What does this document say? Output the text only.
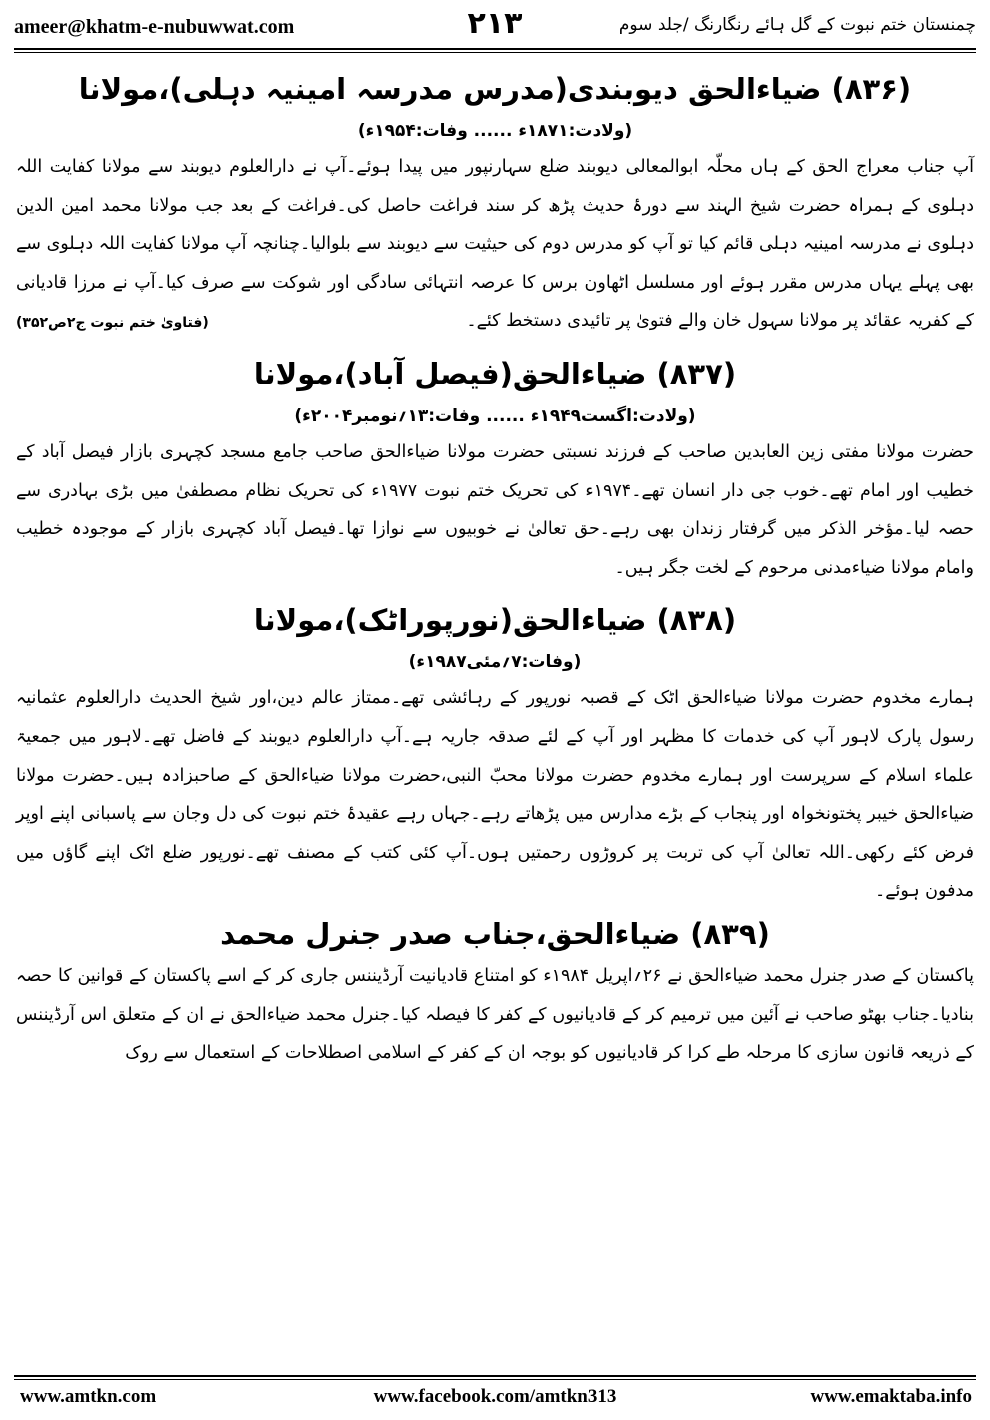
ameer@khatm-e-nubuwwat.com	۲۱۳	چمنستان ختم نبوت کے گل ہائے رنگارنگ /جلد سوم
(۸۳۶) ضیاءالحق دیوبندی(مدرس مدرسہ امینیہ دہلی)،مولانا
(ولادت:۱۸۷۱ء ...... وفات:۱۹۵۴ء)

آپ جناب معراج الحق کے ہاں محلّہ ابوالمعالی دیوبند ضلع سہارنپور میں پیدا ہوئے۔آپ نے دارالعلوم دیوبند سے مولانا کفایت اللہ دہلوی کے ہمراہ حضرت شیخ الہند سے دورۂ حدیث پڑھ کر سند فراغت حاصل کی۔فراغت کے بعد جب مولانا محمد امین الدین دہلوی نے مدرسہ امینیہ دہلی قائم کیا تو آپ کو مدرس دوم کی حیثیت سے دیوبند سے بلوالیا۔چنانچہ آپ مولانا کفایت اللہ دہلوی سے بھی پہلے یہاں مدرس مقرر ہوئے اور مسلسل اٹھاون برس کا عرصہ انتہائی سادگی اور شوکت سے صرف کیا۔آپ نے مرزا قادیانی کے کفریہ عقائد پر مولانا سہول خان والے فتویٰ پر تائیدی دستخط کئے۔
(فتاویٰ ختم نبوت ج۲ص۳۵۲)

(۸۳۷) ضیاءالحق(فیصل آباد)،مولانا
(ولادت:اگست۱۹۴۹ء ...... وفات:۱۳؍نومبر۲۰۰۴ء)

حضرت مولانا مفتی زین العابدین صاحب کے فرزند نسبتی حضرت مولانا ضیاءالحق صاحب جامع مسجد کچہری بازار فیصل آباد کے خطیب اور امام تھے۔خوب جی دار انسان تھے۔۱۹۷۴ء کی تحریک ختم نبوت ۱۹۷۷ء کی تحریک نظام مصطفیٰ میں بڑی بہادری سے حصہ لیا۔مؤخر الذکر میں گرفتار زندان بھی رہے۔حق تعالیٰ نے خوبیوں سے نوازا تھا۔فیصل آباد کچہری بازار کے موجودہ خطیب وامام مولانا ضیاءمدنی مرحوم کے لخت جگر ہیں۔

(۸۳۸) ضیاءالحق(نورپوراٹک)،مولانا
(وفات:۷؍مئی۱۹۸۷ء)

ہمارے مخدوم حضرت مولانا ضیاءالحق اٹک کے قصبہ نورپور کے رہائشی تھے۔ممتاز عالم دین،اور شیخ الحدیث دارالعلوم عثمانیہ رسول پارک لاہور آپ کی خدمات کا مظہر اور آپ کے لئے صدقہ جاریہ ہے۔آپ دارالعلوم دیوبند کے فاضل تھے۔لاہور میں جمعیۃ علماء اسلام کے سرپرست اور ہمارے مخدوم حضرت مولانا محبّ النبی،حضرت مولانا ضیاءالحق کے صاحبزادہ ہیں۔حضرت مولانا ضیاءالحق خیبر پختونخواہ اور پنجاب کے بڑے مدارس میں پڑھاتے رہے۔جہاں رہے عقیدۂ ختم نبوت کی دل وجان سے پاسبانی اپنے اوپر فرض کئے رکھی۔اللہ تعالیٰ آپ کی تربت پر کروڑوں رحمتیں ہوں۔آپ کئی کتب کے مصنف تھے۔نورپور ضلع اٹک اپنے گاؤں میں مدفون ہوئے۔

(۸۳۹) ضیاءالحق،جناب صدر جنرل محمد

پاکستان کے صدر جنرل محمد ضیاءالحق نے ۲۶؍اپریل ۱۹۸۴ء کو امتناع قادیانیت آرڈیننس جاری کر کے اسے پاکستان کے قوانین کا حصہ بنادیا۔جناب بھٹو صاحب نے آئین میں ترمیم کر کے قادیانیوں کے کفر کا فیصلہ کیا۔جنرل محمد ضیاءالحق نے ان کے متعلق اس آرڈیننس کے ذریعہ قانون سازی کا مرحلہ طے کرا کر قادیانیوں کو بوجہ ان کے کفر کے اسلامی اصطلاحات کے استعمال سے روک

www.amtkn.com	www.facebook.com/amtkn313	www.emaktaba.info
